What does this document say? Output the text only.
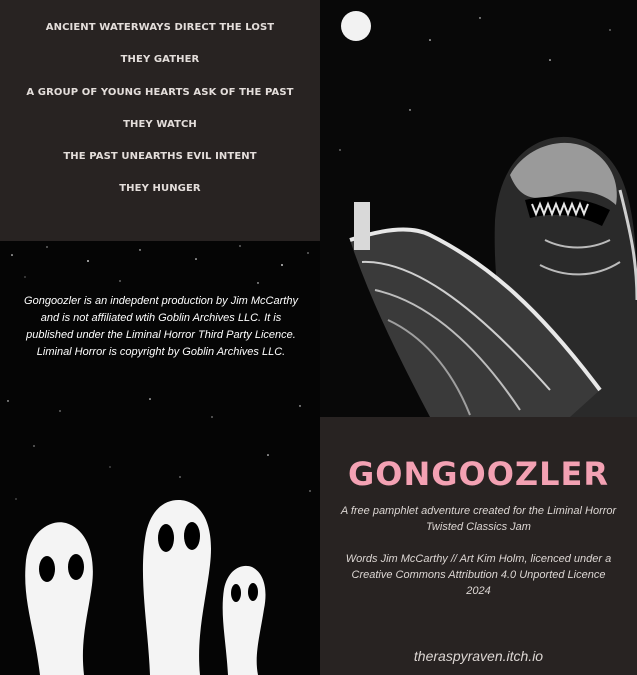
ANCIENT WATERWAYS DIRECT THE LOST
THEY GATHER
A GROUP OF YOUNG HEARTS ASK OF THE PAST
THEY WATCH
THE PAST UNEARTHS EVIL INTENT
THEY HUNGER
Gongoozler is an indepdent production by Jim McCarthy and is not affiliated wtih Goblin Archives LLC. It is published under the Liminal Horror Third Party Licence. Liminal Horror is copyright by Goblin Archives LLC.
GONGOOZLER
A free pamphlet adventure created for the Liminal Horror Twisted Classics Jam
Words Jim McCarthy // Art Kim Holm, licenced under a Creative Commons Attribution 4.0 Unported Licence
2024
theraspyraven.itch.io
